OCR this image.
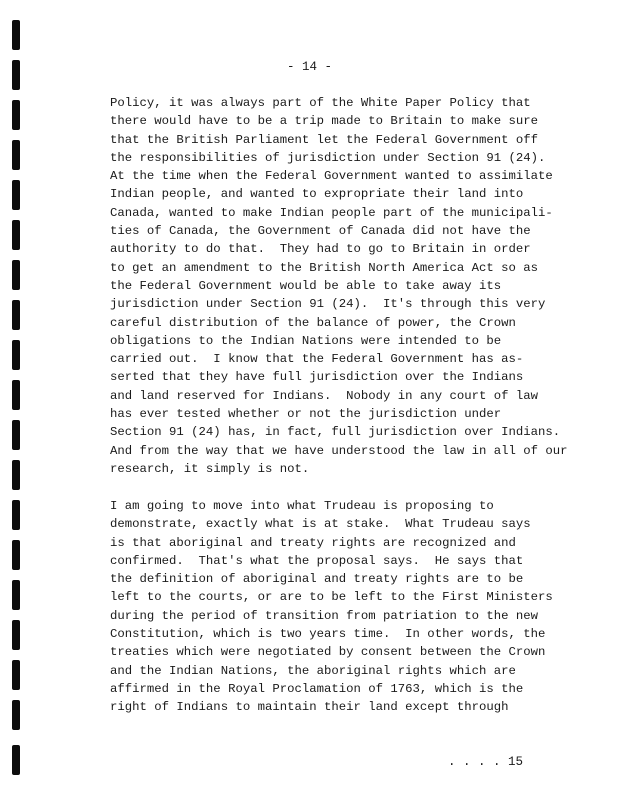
- 14 -
Policy, it was always part of the White Paper Policy that
there would have to be a trip made to Britain to make sure
that the British Parliament let the Federal Government off
the responsibilities of jurisdiction under Section 91 (24).
At the time when the Federal Government wanted to assimilate
Indian people, and wanted to expropriate their land into
Canada, wanted to make Indian people part of the municipali-
ties of Canada, the Government of Canada did not have the
authority to do that.  They had to go to Britain in order
to get an amendment to the British North America Act so as
the Federal Government would be able to take away its
jurisdiction under Section 91 (24).  It's through this very
careful distribution of the balance of power, the Crown
obligations to the Indian Nations were intended to be
carried out.  I know that the Federal Government has as-
serted that they have full jurisdiction over the Indians
and land reserved for Indians.  Nobody in any court of law
has ever tested whether or not the jurisdiction under
Section 91 (24) has, in fact, full jurisdiction over Indians.
And from the way that we have understood the law in all of our
research, it simply is not.
I am going to move into what Trudeau is proposing to
demonstrate, exactly what is at stake.  What Trudeau says
is that aboriginal and treaty rights are recognized and
confirmed.  That's what the proposal says.  He says that
the definition of aboriginal and treaty rights are to be
left to the courts, or are to be left to the First Ministers
during the period of transition from patriation to the new
Constitution, which is two years time.  In other words, the
treaties which were negotiated by consent between the Crown
and the Indian Nations, the aboriginal rights which are
affirmed in the Royal Proclamation of 1763, which is the
right of Indians to maintain their land except through
. . . . 15
